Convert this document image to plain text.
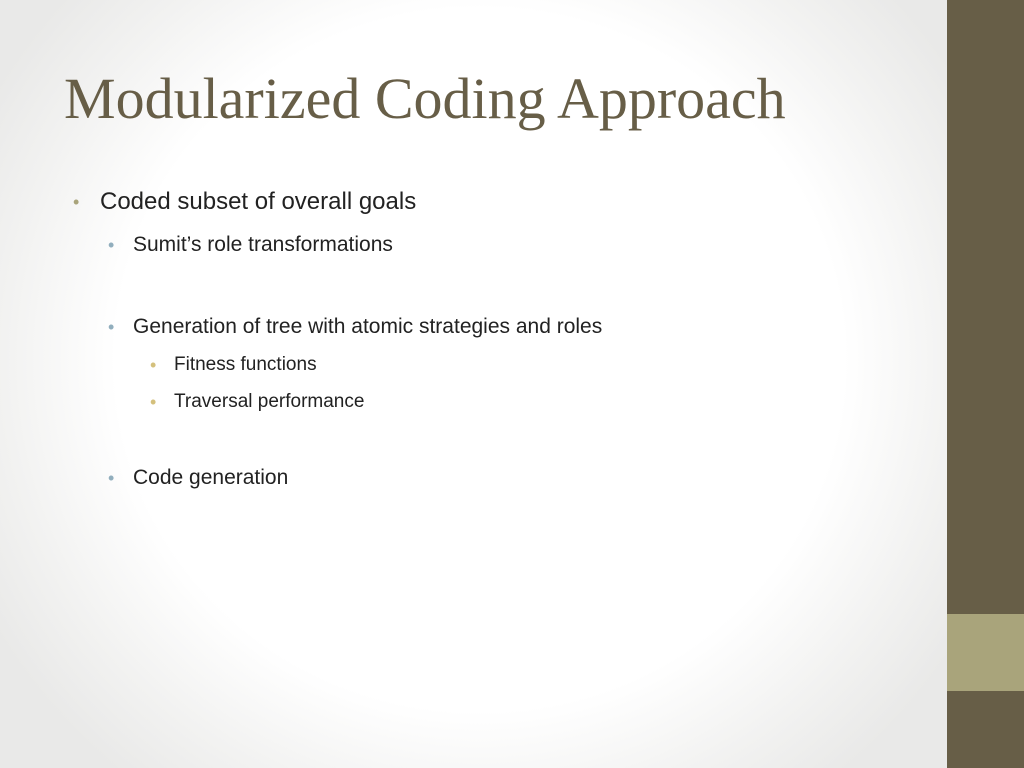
Modularized Coding Approach
• Coded subset of overall goals
• Sumit’s role transformations
• Generation of tree with atomic strategies and roles
• Fitness functions
• Traversal performance
• Code generation
